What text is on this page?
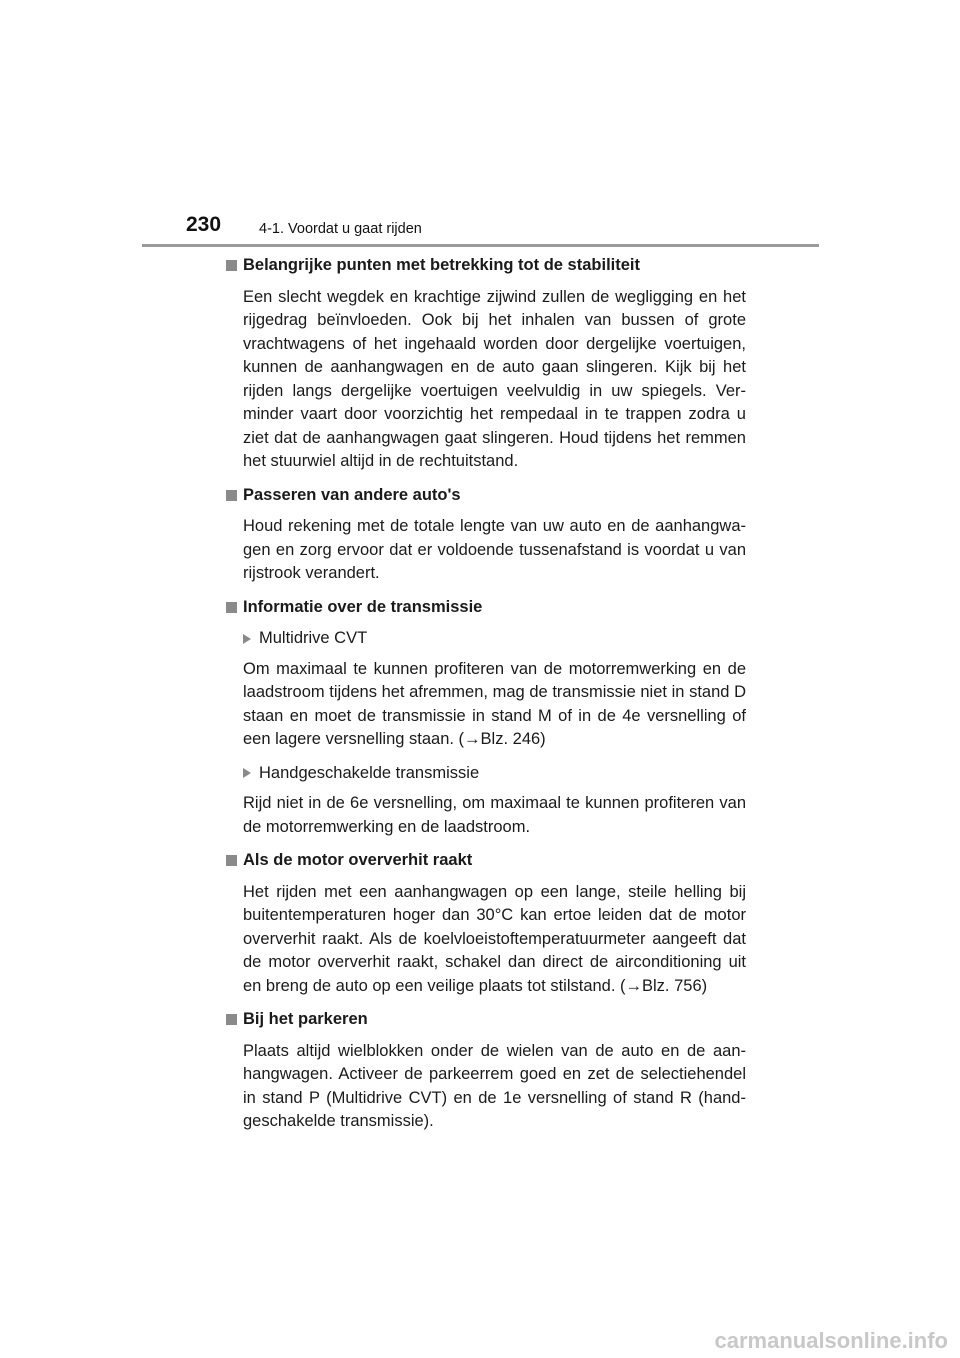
230	4-1. Voordat u gaat rijden
Belangrijke punten met betrekking tot de stabiliteit

Een slecht wegdek en krachtige zijwind zullen de wegligging en het rijgedrag beïnvloeden. Ook bij het inhalen van bussen of grote vrachtwagens of het ingehaald worden door dergelijke voertuigen, kunnen de aanhangwagen en de auto gaan slingeren. Kijk bij het rijden langs dergelijke voertuigen veelvuldig in uw spiegels. Verminder vaart door voorzichtig het rempedaal in te trappen zodra u ziet dat de aanhangwagen gaat slingeren. Houd tijdens het remmen het stuurwiel altijd in de rechtuitstand.

Passeren van andere auto's

Houd rekening met de totale lengte van uw auto en de aanhangwagen en zorg ervoor dat er voldoende tussenafstand is voordat u van rijstrook verandert.

Informatie over de transmissie
Multidrive CVT

Om maximaal te kunnen profiteren van de motorremwerking en de laadstroom tijdens het afremmen, mag de transmissie niet in stand D staan en moet de transmissie in stand M of in de 4e versnelling of een lagere versnelling staan. (→Blz. 246)

Handgeschakelde transmissie

Rijd niet in de 6e versnelling, om maximaal te kunnen profiteren van de motorremwerking en de laadstroom.

Als de motor oververhit raakt

Het rijden met een aanhangwagen op een lange, steile helling bij buitentemperaturen hoger dan 30°C kan ertoe leiden dat de motor oververhit raakt. Als de koelvloeistoftemperatuurmeter aangeeft dat de motor oververhit raakt, schakel dan direct de airconditioning uit en breng de auto op een veilige plaats tot stilstand. (→Blz. 756)

Bij het parkeren

Plaats altijd wielblokken onder de wielen van de auto en de aanhangwagen. Activeer de parkeerrem goed en zet de selectiehendel in stand P (Multidrive CVT) en de 1e versnelling of stand R (handgeschakelde transmissie).

carmanualsonline.info
